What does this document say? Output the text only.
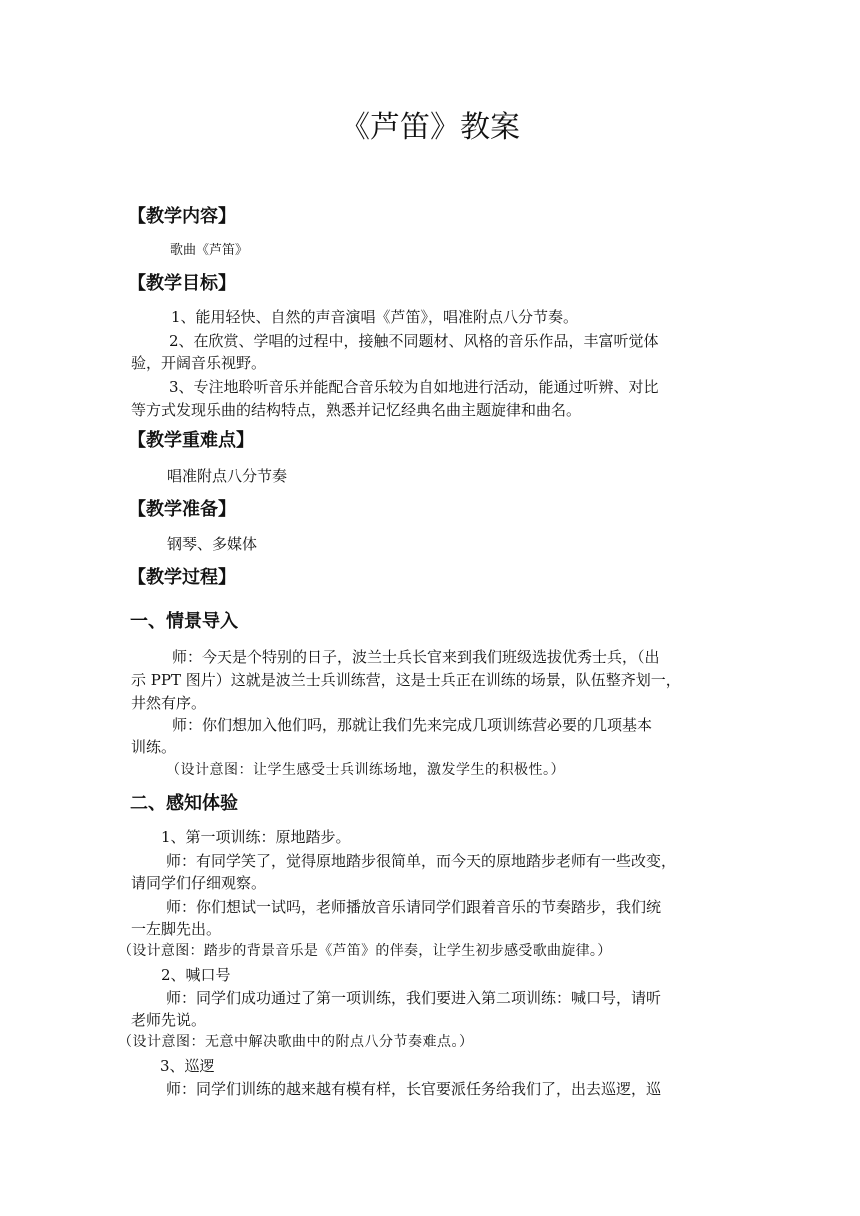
《芦笛》教案
【教学内容】
歌曲《芦笛》
【教学目标】
1、能用轻快、自然的声音演唱《芦笛》，唱准附点八分节奏。
2、在欣赏、学唱的过程中，接触不同题材、风格的音乐作品，丰富听觉体
验，开阔音乐视野。
3、专注地聆听音乐并能配合音乐较为自如地进行活动，能通过听辨、对比
等方式发现乐曲的结构特点，熟悉并记忆经典名曲主题旋律和曲名。
【教学重难点】
唱准附点八分节奏
【教学准备】
钢琴、多媒体
【教学过程】
一、情景导入
师：今天是个特别的日子，波兰士兵长官来到我们班级选拔优秀士兵，（出
示 PPT 图片）这就是波兰士兵训练营，这是士兵正在训练的场景，队伍整齐划一，
井然有序。
师：你们想加入他们吗，那就让我们先来完成几项训练营必要的几项基本
训练。
（设计意图：让学生感受士兵训练场地，激发学生的积极性。）
二、感知体验
1、第一项训练：原地踏步。
师：有同学笑了，觉得原地踏步很简单，而今天的原地踏步老师有一些改变，
请同学们仔细观察。
师：你们想试一试吗，老师播放音乐请同学们跟着音乐的节奏踏步，我们统
一左脚先出。
（设计意图：踏步的背景音乐是《芦笛》的伴奏，让学生初步感受歌曲旋律。）
2、喊口号
师：同学们成功通过了第一项训练，我们要进入第二项训练：喊口号，请听
老师先说。
（设计意图：无意中解决歌曲中的附点八分节奏难点。）
3、巡逻
师：同学们训练的越来越有模有样，长官要派任务给我们了，出去巡逻，巡
